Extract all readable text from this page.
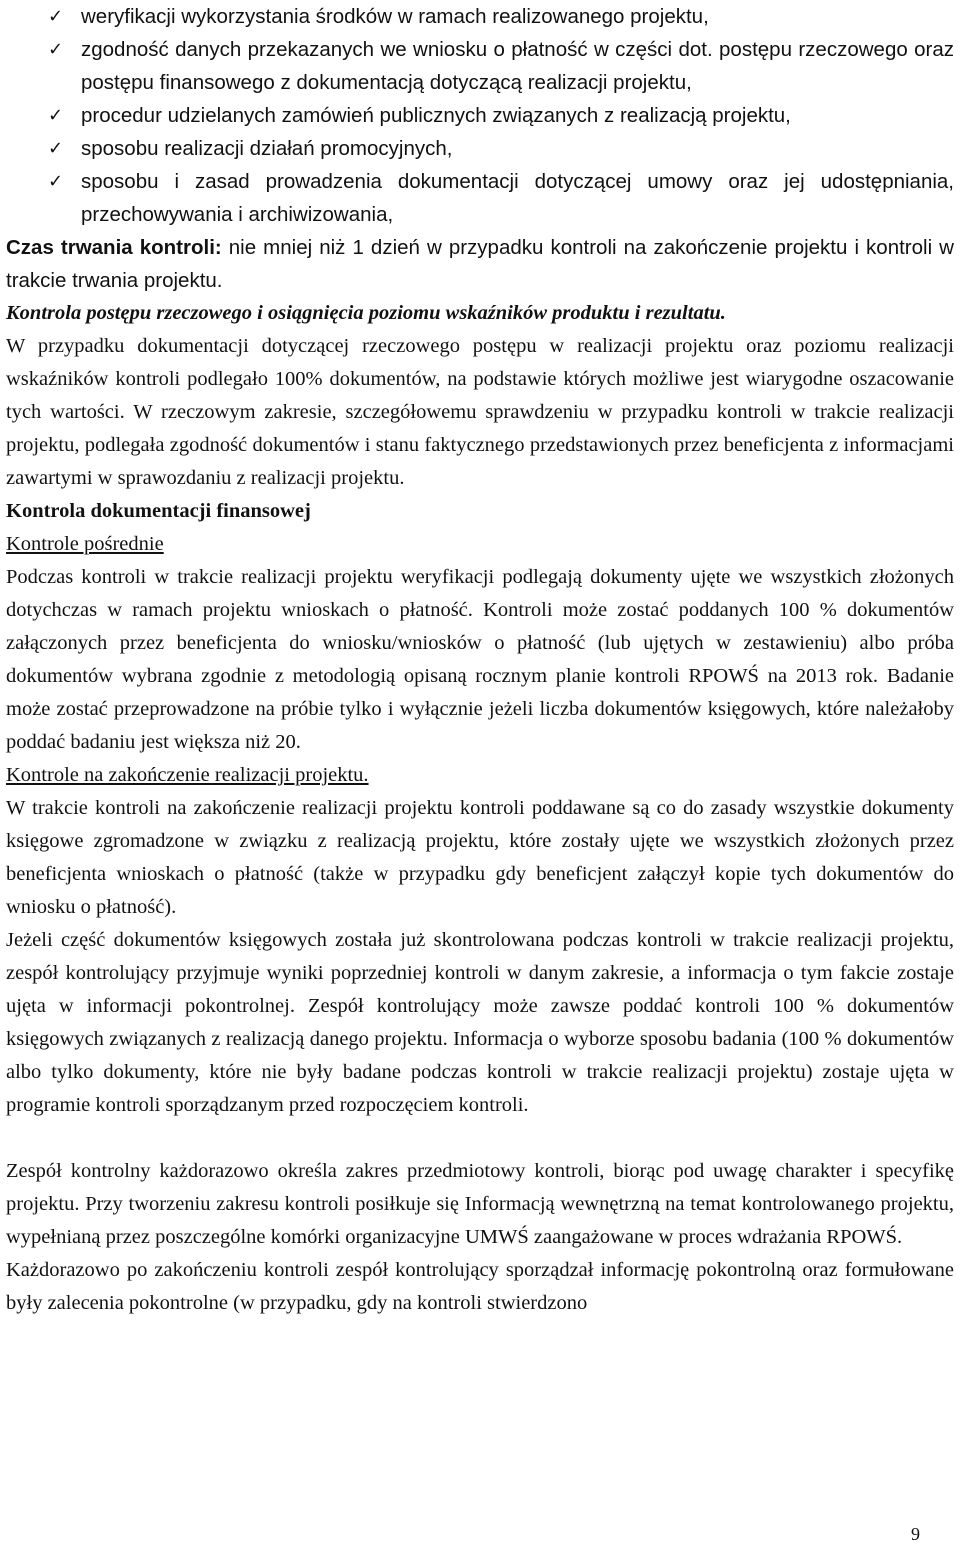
✓ weryfikacji wykorzystania środków w ramach realizowanego projektu,
✓ zgodność danych przekazanych we wniosku o płatność w części dot. postępu rzeczowego oraz postępu finansowego z dokumentacją dotyczącą realizacji projektu,
✓ procedur udzielanych zamówień publicznych związanych z realizacją projektu,
✓ sposobu realizacji działań promocyjnych,
✓ sposobu i zasad prowadzenia dokumentacji dotyczącej umowy oraz jej udostępniania, przechowywania i archiwizowania,

Czas trwania kontroli: nie mniej niż 1 dzień w przypadku kontroli na zakończenie projektu i kontroli w trakcie trwania projektu.

Kontrola postępu rzeczowego i osiągnięcia poziomu wskaźników produktu i rezultatu.

W przypadku dokumentacji dotyczącej rzeczowego postępu w realizacji projektu oraz poziomu realizacji wskaźników kontroli podlegało 100% dokumentów, na podstawie których możliwe jest wiarygodne oszacowanie tych wartości. W rzeczowym zakresie, szczegółowemu sprawdzeniu w przypadku kontroli w trakcie realizacji projektu, podlegała zgodność dokumentów i stanu faktycznego przedstawionych przez beneficjenta z informacjami zawartymi w sprawozdaniu z realizacji projektu.

Kontrola dokumentacji finansowej

Kontrole pośrednie

Podczas kontroli w trakcie realizacji projektu weryfikacji podlegają dokumenty ujęte we wszystkich złożonych dotychczas w ramach projektu wnioskach o płatność. Kontroli może zostać poddanych 100 % dokumentów załączonych przez beneficjenta do wniosku/wniosków o płatność (lub ujętych w zestawieniu) albo próba dokumentów wybrana zgodnie z metodologią opisaną rocznym planie kontroli RPOWŚ na 2013 rok. Badanie może zostać przeprowadzone na próbie tylko i wyłącznie jeżeli liczba dokumentów księgowych, które należałoby poddać badaniu jest większa niż 20.

Kontrole na zakończenie realizacji projektu.

W trakcie kontroli na zakończenie realizacji projektu kontroli poddawane są co do zasady wszystkie dokumenty księgowe zgromadzone w związku z realizacją projektu, które zostały ujęte we wszystkich złożonych przez beneficjenta wnioskach o płatność (także w przypadku gdy beneficjent załączył kopie tych dokumentów do wniosku o płatność).

Jeżeli część dokumentów księgowych została już skontrolowana podczas kontroli w trakcie realizacji projektu, zespół kontrolujący przyjmuje wyniki poprzedniej kontroli w danym zakresie, a informacja o tym fakcie zostaje ujęta w informacji pokontrolnej. Zespół kontrolujący może zawsze poddać kontroli 100 % dokumentów księgowych związanych z realizacją danego projektu. Informacja o wyborze sposobu badania (100 % dokumentów albo tylko dokumenty, które nie były badane podczas kontroli w trakcie realizacji projektu) zostaje ujęta w programie kontroli sporządzanym przed rozpoczęciem kontroli.

Zespół kontrolny każdorazowo określa zakres przedmiotowy kontroli, biorąc pod uwagę charakter i specyfikę projektu. Przy tworzeniu zakresu kontroli posiłkuje się Informacją wewnętrzną na temat kontrolowanego projektu, wypełnianą przez poszczególne komórki organizacyjne UMWŚ zaangażowane w proces wdrażania RPOWŚ.

Każdorazowo po zakończeniu kontroli zespół kontrolujący sporządzał informację pokontrolną oraz formułowane były zalecenia pokontrolne (w przypadku, gdy na kontroli stwierdzono

9
